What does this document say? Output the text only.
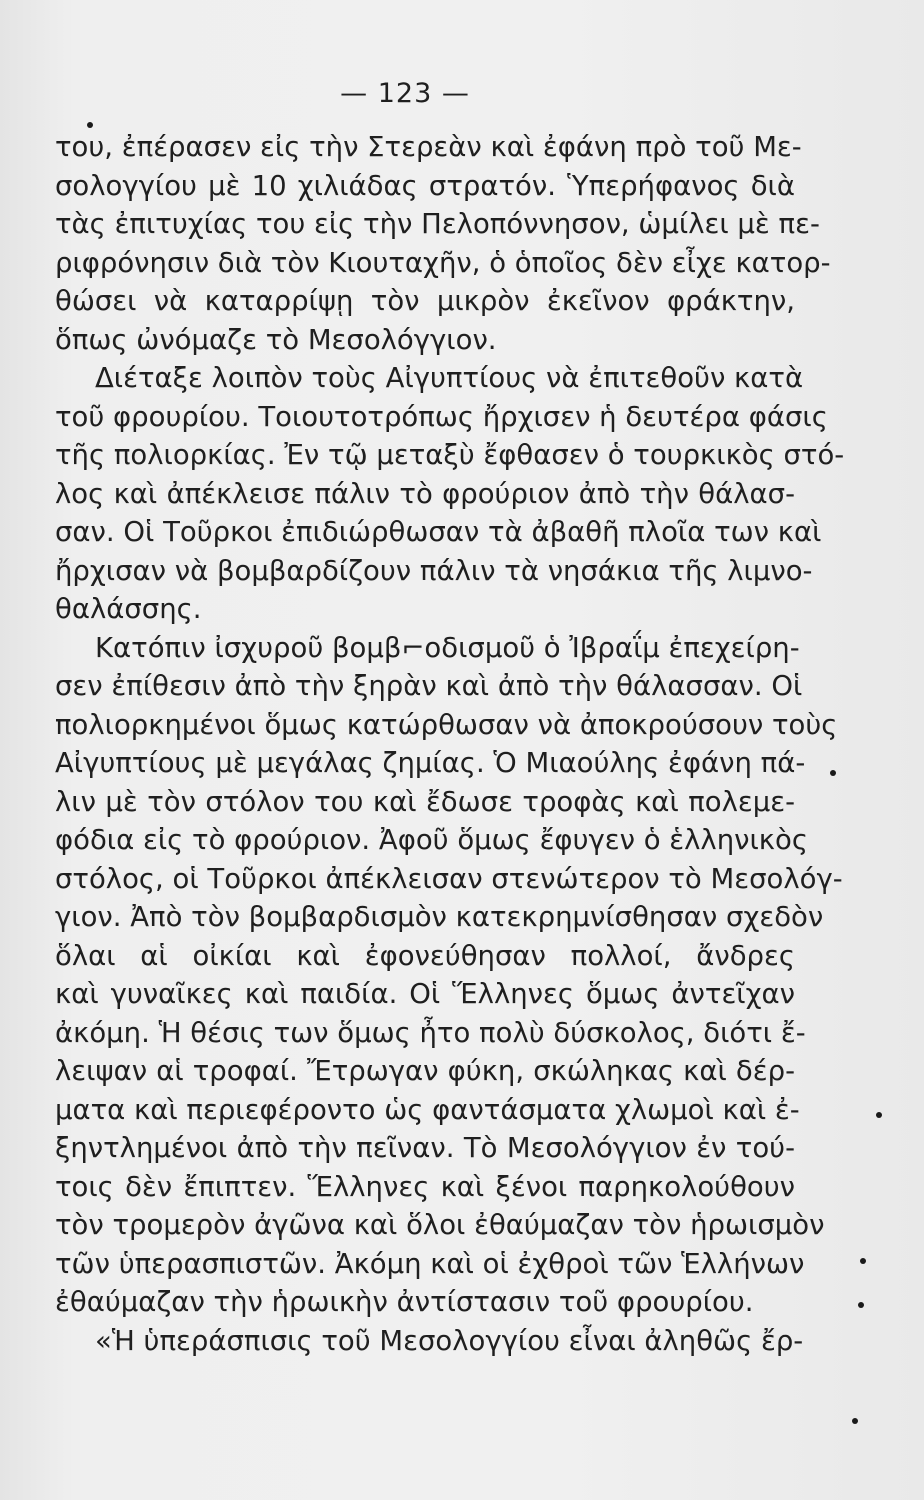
— 123 —
του, ἐπέρασεν εἰς τὴν Στερεὰν καὶ ἐφάνη πρὸ τοῦ Με-
σολογγίου μὲ 10 χιλιάδας στρατόν. Ὑπερήφανος διὰ
τὰς ἐπιτυχίας του εἰς τὴν Πελοπόννησον, ὡμίλει μὲ πε-
ριφρόνησιν διὰ τὸν Κιουταχῆν, ὁ ὁποῖος δὲν εἶχε κατορ-
θώσει νὰ καταρρίψῃ τὸν μικρὸν ἐκεῖνον φράκτην,
ὅπως ὠνόμαζε τὸ Μεσολόγγιον.
Διέταξε λοιπὸν τοὺς Αἰγυπτίους νὰ ἐπιτεθοῦν κατὰ
τοῦ φρουρίου. Τοιουτοτρόπως ἤρχισεν ἡ δευτέρα φάσις
τῆς πολιορκίας. Ἐν τῷ μεταξὺ ἔφθασεν ὁ τουρκικὸς στό-
λος καὶ ἀπέκλεισε πάλιν τὸ φρούριον ἀπὸ τὴν θάλασ-
σαν. Οἱ Τοῦρκοι ἐπιδιώρθωσαν τὰ ἀβαθῆ πλοῖα των καὶ
ἤρχισαν νὰ βομβαρδίζουν πάλιν τὰ νησάκια τῆς λιμνο-
θαλάσσης.
Κατόπιν ἰσχυροῦ βομβ⌐οδισμοῦ ὁ Ἰβραΐμ ἐπεχείρη-
σεν ἐπίθεσιν ἀπὸ τὴν ξηρὰν καὶ ἀπὸ τὴν θάλασσαν. Οἱ
πολιορκημένοι ὅμως κατώρθωσαν νὰ ἀποκρούσουν τοὺς
Αἰγυπτίους μὲ μεγάλας ζημίας. Ὁ Μιαούλης ἐφάνη πά-
λιν μὲ τὸν στόλον του καὶ ἔδωσε τροφὰς καὶ πολεμε-
φόδια εἰς τὸ φρούριον. Ἀφοῦ ὅμως ἔφυγεν ὁ ἑλληνικὸς
στόλος, οἱ Τοῦρκοι ἀπέκλεισαν στενώτερον τὸ Μεσολόγ-
γιον. Ἀπὸ τὸν βομβαρδισμὸν κατεκρημνίσθησαν σχεδὸν
ὅλαι αἱ οἰκίαι καὶ ἐφονεύθησαν πολλοί, ἄνδρες
καὶ γυναῖκες καὶ παιδία. Οἱ Ἕλληνες ὅμως ἀντεῖχαν
ἀκόμη. Ἡ θέσις των ὅμως ἦτο πολὺ δύσκολος, διότι ἔ-
λειψαν αἱ τροφαί. Ἔτρωγαν φύκη, σκώληκας καὶ δέρ-
ματα καὶ περιεφέροντο ὡς φαντάσματα χλωμοὶ καὶ ἐ-
ξηντλημένοι ἀπὸ τὴν πεῖναν. Τὸ Μεσολόγγιον ἐν τού-
τοις δὲν ἔπιπτεν. Ἕλληνες καὶ ξένοι παρηκολούθουν
τὸν τρομερὸν ἀγῶνα καὶ ὅλοι ἐθαύμαζαν τὸν ἡρωισμὸν
τῶν ὑπερασπιστῶν. Ἀκόμη καὶ οἱ ἐχθροὶ τῶν Ἑλλήνων
ἐθαύμαζαν τὴν ἡρωικὴν ἀντίστασιν τοῦ φρουρίου.
«Ἡ ὑπεράσπισις τοῦ Μεσολογγίου εἶναι ἀληθῶς ἔρ-
